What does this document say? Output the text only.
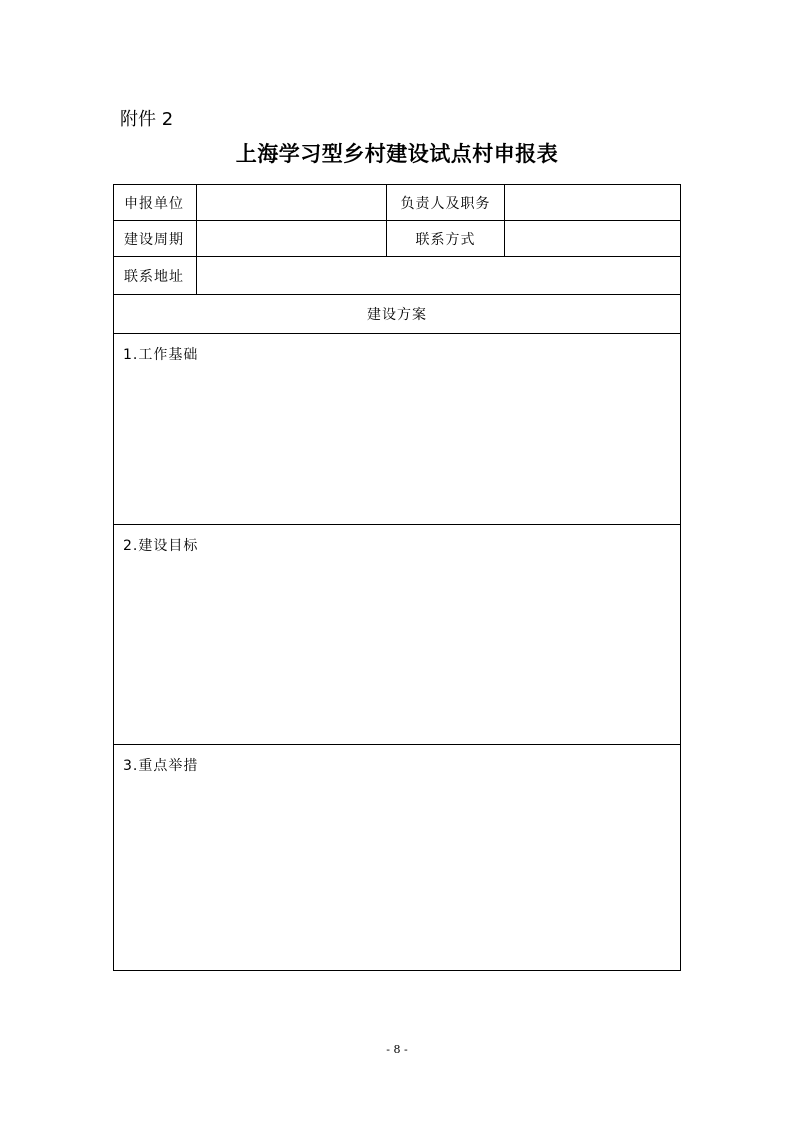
附件 2
上海学习型乡村建设试点村申报表
申报单位	负责人及职务
建设周期	联系方式
联系地址
建设方案
1.工作基础
2.建设目标
3.重点举措
- 8 -
